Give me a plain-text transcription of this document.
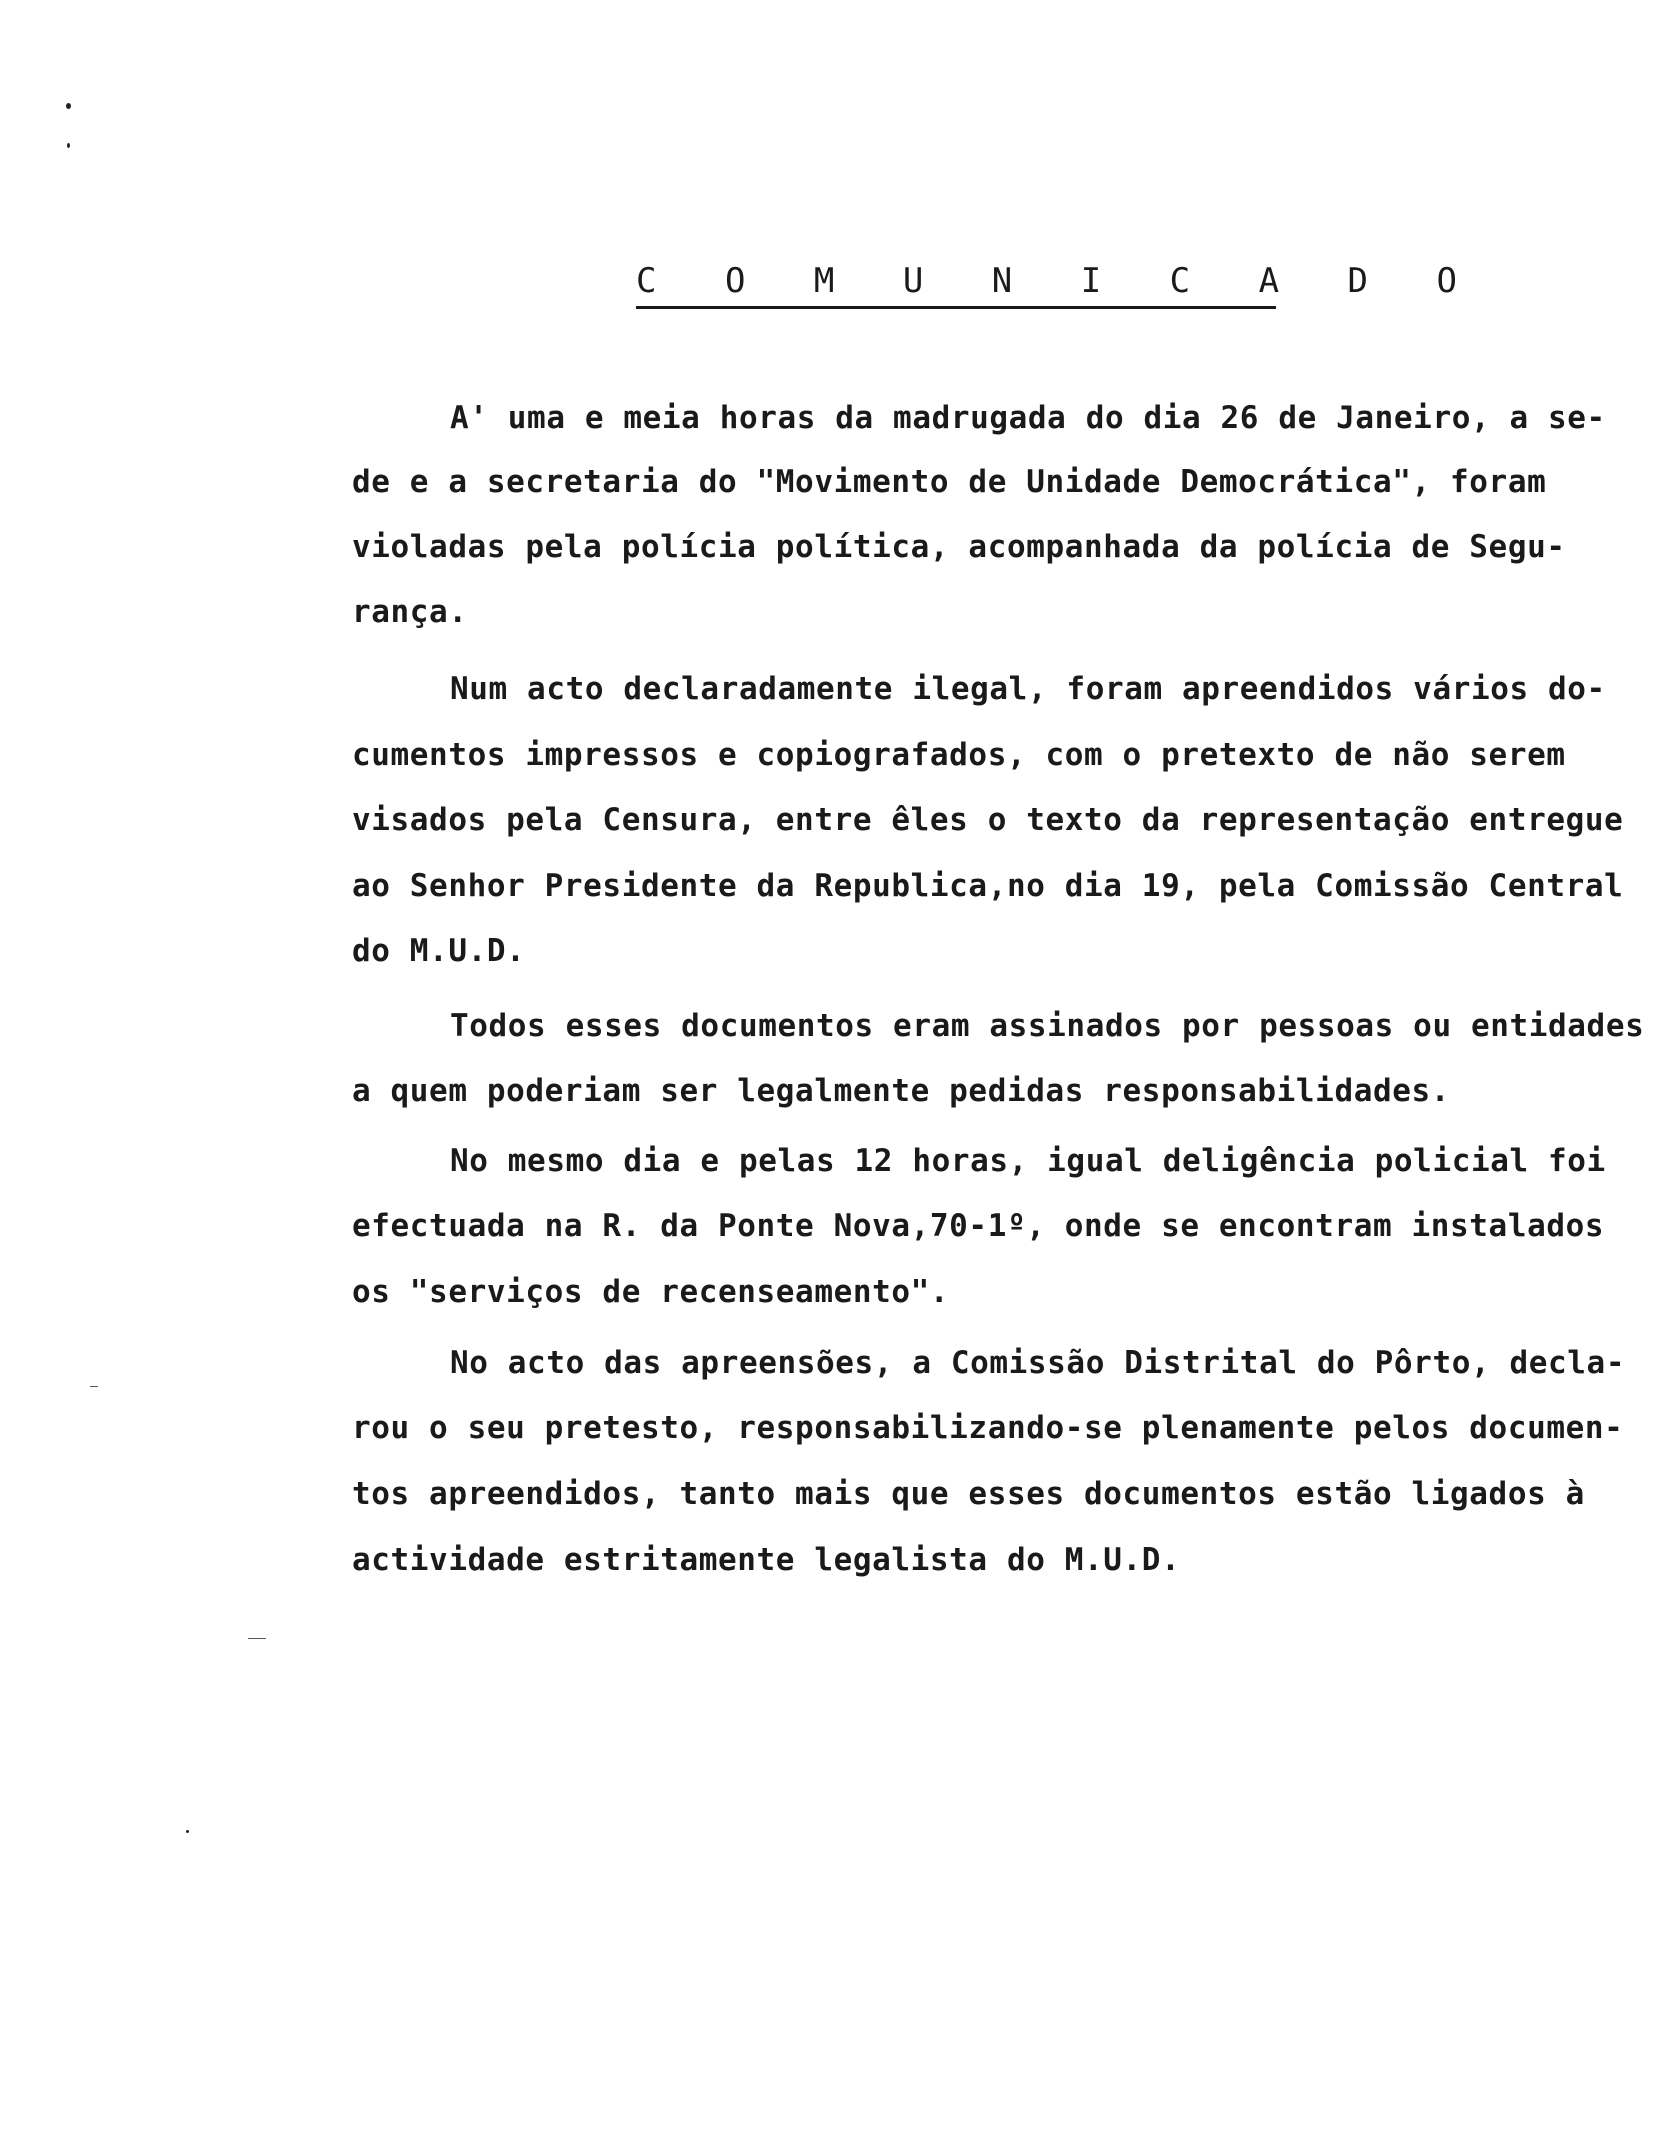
C O M U N I C A D O
A' uma e meia horas da madrugada do dia 26 de Janeiro, a se-
de e a secretaria do "Movimento de Unidade Democrática", foram
violadas pela polícia política, acompanhada da polícia de Segu-
rança.
Num acto declaradamente ilegal, foram apreendidos vários do-
cumentos impressos e copiografados, com o pretexto de não serem
visados pela Censura, entre êles o texto da representação entregue
ao Senhor Presidente da Republica,no dia 19, pela Comissão Central
do M.U.D.
Todos esses documentos eram assinados por pessoas ou entidades
a quem poderiam ser legalmente pedidas responsabilidades.
No mesmo dia e pelas 12 horas, igual deligência policial foi
efectuada na R. da Ponte Nova,70-1º, onde se encontram instalados
os "serviços de recenseamento".
No acto das apreensões, a Comissão Distrital do Pôrto, decla-
rou o seu pretesto, responsabilizando-se plenamente pelos documen-
tos apreendidos, tanto mais que esses documentos estão ligados à
actividade estritamente legalista do M.U.D.
